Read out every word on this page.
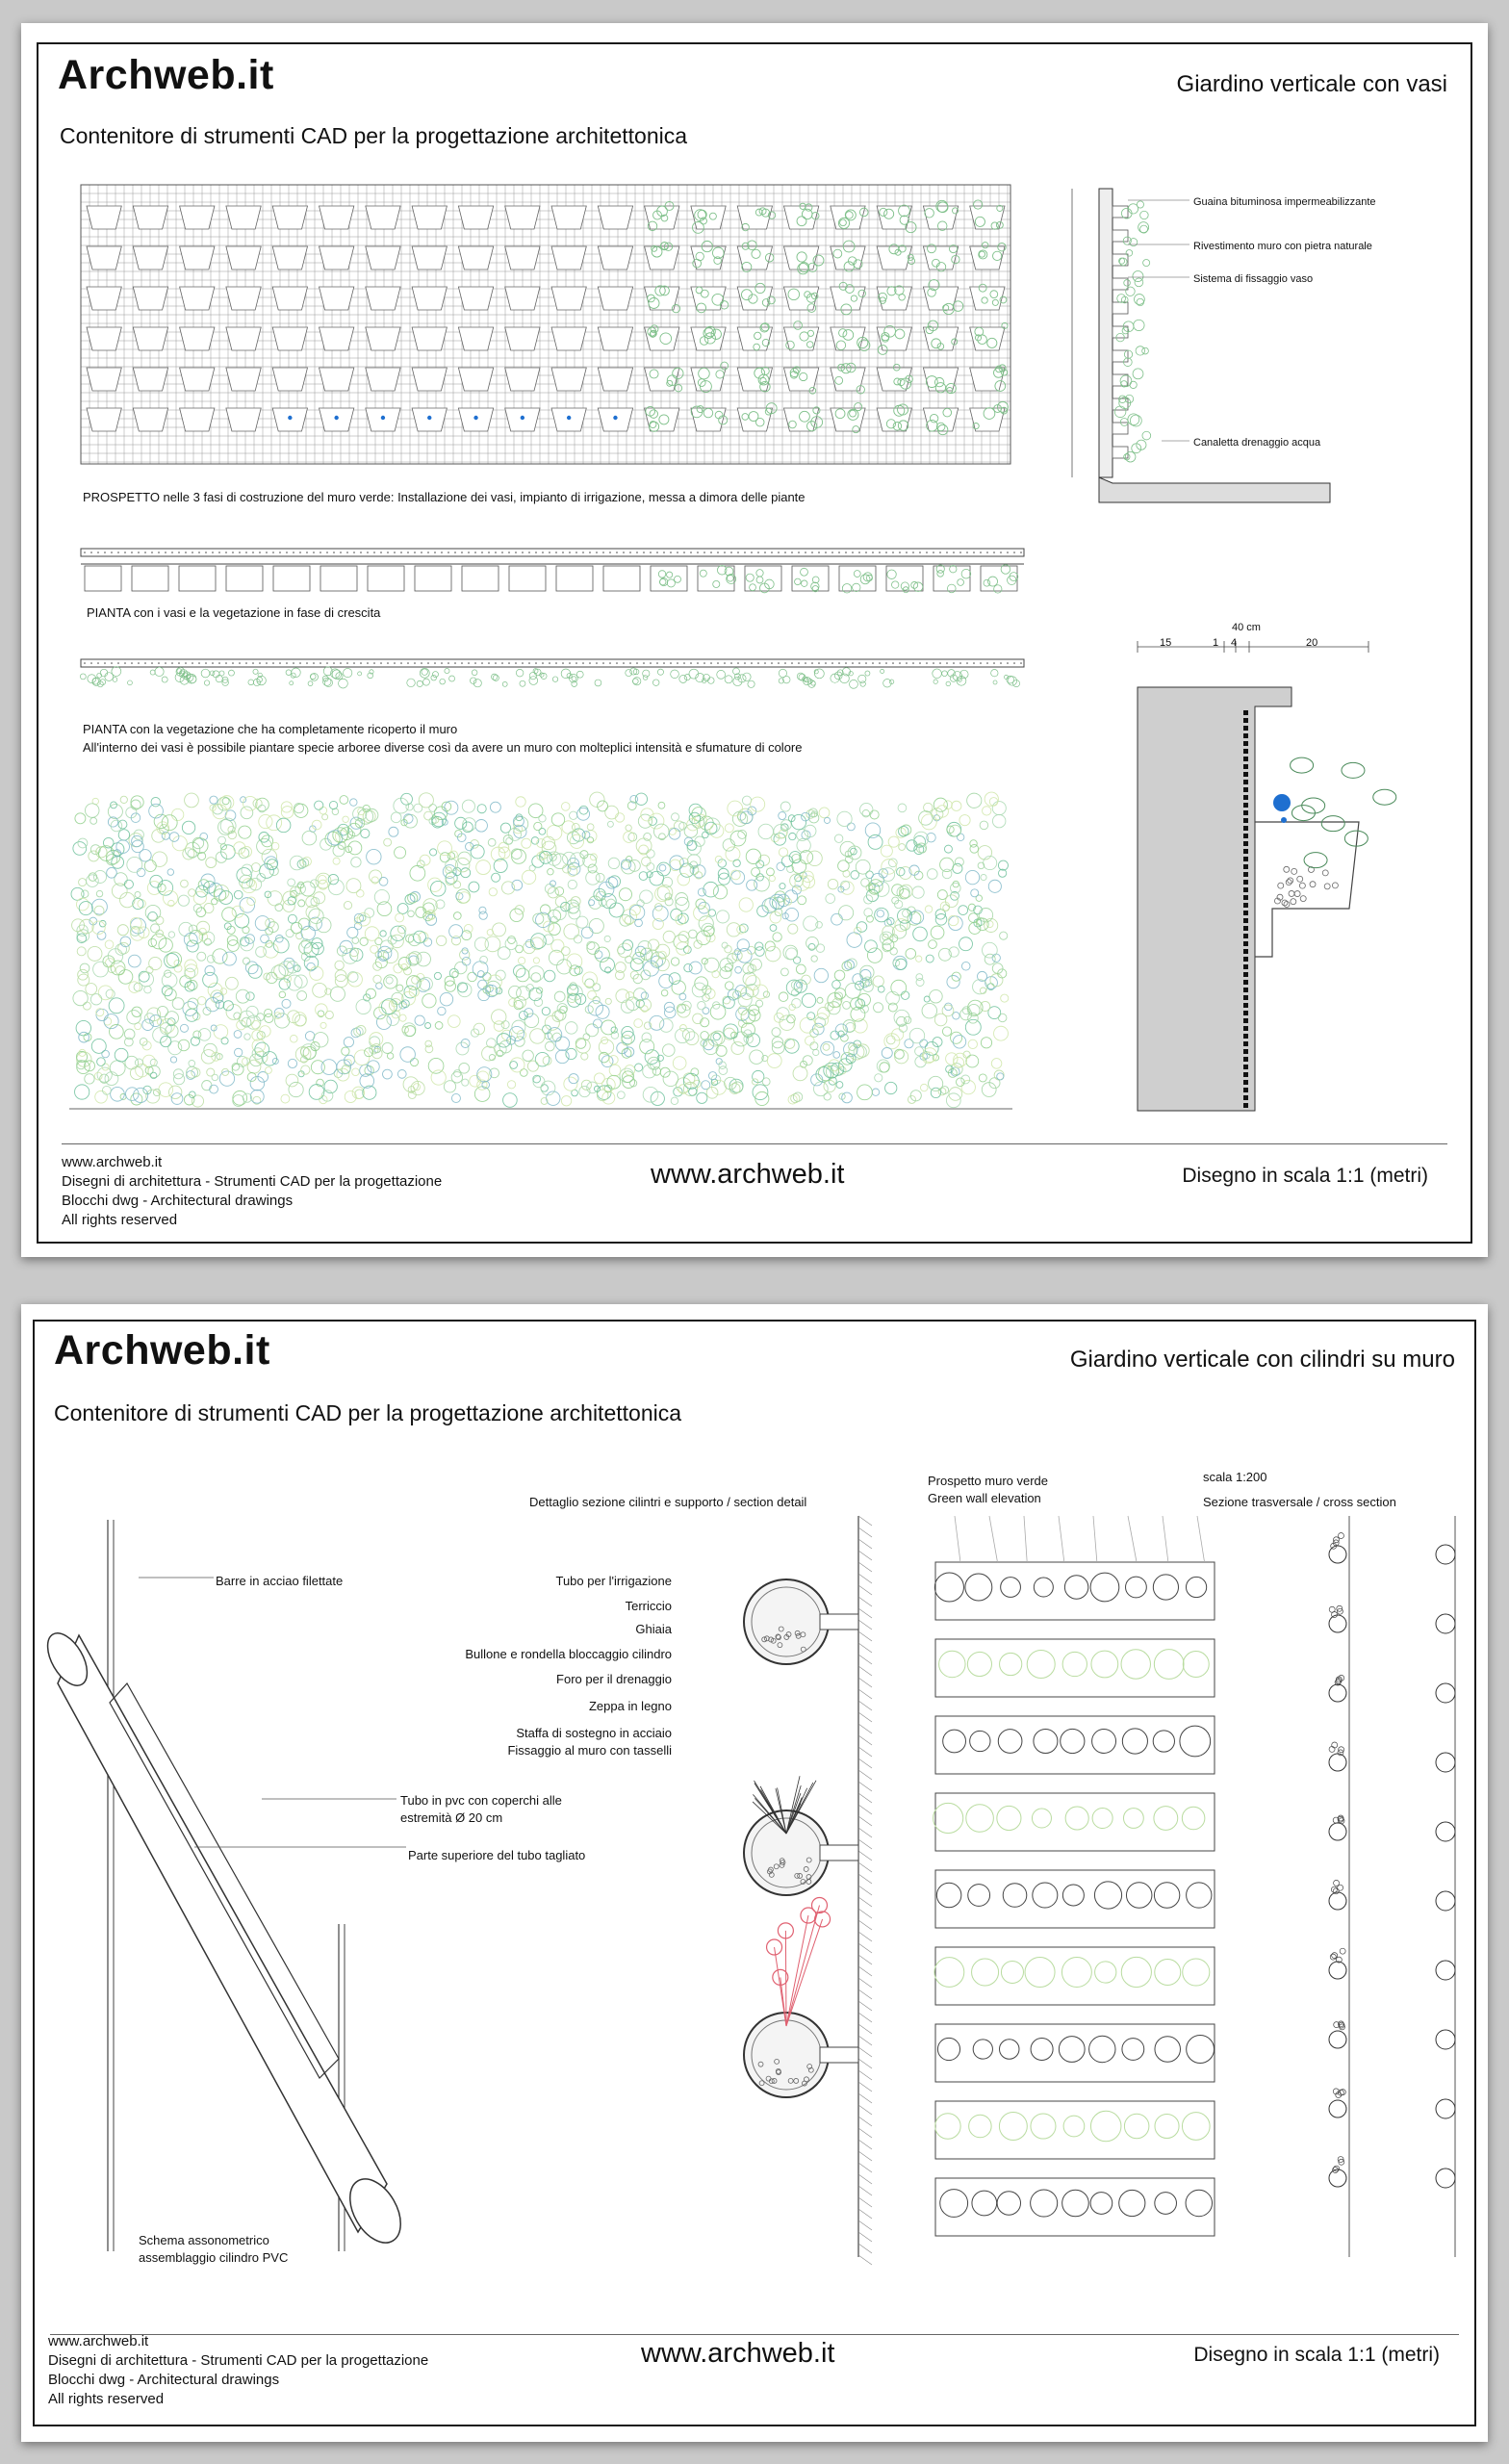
Archweb.it	Giardino verticale con vasi
Contenitore di strumenti CAD per la progettazione architettonica
PROSPETTO nelle 3 fasi di costruzione del muro verde: Installazione dei vasi, impianto di irrigazione, messa a dimora delle piante
PIANTA con i vasi e la vegetazione in fase di crescita
PIANTA con la vegetazione che ha completamente ricoperto il muro
All'interno dei vasi è possibile piantare specie arboree diverse così da avere un muro con molteplici intensità e sfumature di colore
Guaina bituminosa impermeabilizzante
Rivestimento muro con pietra naturale
Sistema di fissaggio vaso
Canaletta drenaggio acqua
40 cm
15	1 4	20
www.archweb.it
Disegni di architettura - Strumenti CAD per la progettazione
Blocchi dwg - Architectural drawings
All rights reserved
www.archweb.it	Disegno in scala 1:1 (metri)
Archweb.it	Giardino verticale con cilindri su muro
Contenitore di strumenti CAD per la progettazione architettonica
Dettaglio sezione cilintri e supporto / section detail
Prospetto muro verde
Green wall elevation
scala 1:200
Sezione trasversale / cross section
Barre in acciao filettate
Tubo in pvc con coperchi alle
estremità Ø 20 cm
Parte superiore del tubo tagliato
Schema assonometrico
assemblaggio cilindro PVC
Tubo per l'irrigazione
Terriccio
Ghiaia
Bullone e rondella bloccaggio cilindro
Foro per il drenaggio
Zeppa in legno
Staffa di sostegno in acciaio
Fissaggio al muro con tasselli
www.archweb.it
Disegni di architettura - Strumenti CAD per la progettazione
Blocchi dwg - Architectural drawings
All rights reserved
www.archweb.it	Disegno in scala 1:1 (metri)
